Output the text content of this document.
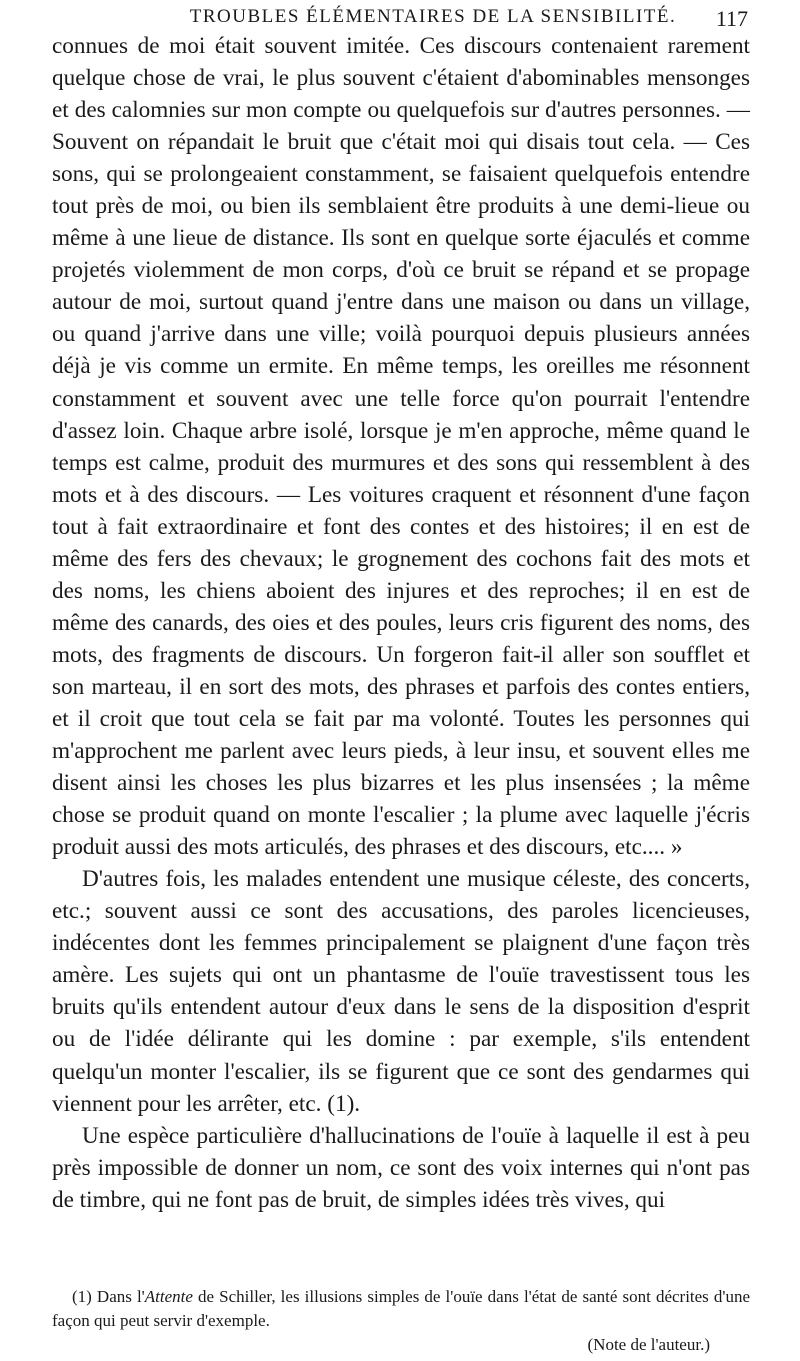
TROUBLES ÉLÉMENTAIRES DE LA SENSIBILITÉ.	117

connues de moi était souvent imitée. Ces discours contenaient rarement quelque chose de vrai, le plus souvent c'étaient d'abominables mensonges et des calomnies sur mon compte ou quelquefois sur d'autres personnes. — Souvent on répandait le bruit que c'était moi qui disais tout cela. — Ces sons, qui se prolongeaient constamment, se faisaient quelquefois entendre tout près de moi, ou bien ils semblaient être produits à une demi-lieue ou même à une lieue de distance. Ils sont en quelque sorte éjaculés et comme projetés violemment de mon corps, d'où ce bruit se répand et se propage autour de moi, surtout quand j'entre dans une maison ou dans un village, ou quand j'arrive dans une ville; voilà pourquoi depuis plusieurs années déjà je vis comme un ermite. En même temps, les oreilles me résonnent constamment et souvent avec une telle force qu'on pourrait l'entendre d'assez loin. Chaque arbre isolé, lorsque je m'en approche, même quand le temps est calme, produit des murmures et des sons qui ressemblent à des mots et à des discours. — Les voitures craquent et résonnent d'une façon tout à fait extraordinaire et font des contes et des histoires; il en est de même des fers des chevaux; le grognement des cochons fait des mots et des noms, les chiens aboient des injures et des reproches; il en est de même des canards, des oies et des poules, leurs cris figurent des noms, des mots, des fragments de discours. Un forgeron fait-il aller son soufflet et son marteau, il en sort des mots, des phrases et parfois des contes entiers, et il croit que tout cela se fait par ma volonté. Toutes les personnes qui m'approchent me parlent avec leurs pieds, à leur insu, et souvent elles me disent ainsi les choses les plus bizarres et les plus insensées ; la même chose se produit quand on monte l'escalier ; la plume avec laquelle j'écris produit aussi des mots articulés, des phrases et des discours, etc.... »

D'autres fois, les malades entendent une musique céleste, des concerts, etc.; souvent aussi ce sont des accusations, des paroles licencieuses, indécentes dont les femmes principalement se plaignent d'une façon très amère. Les sujets qui ont un phantasme de l'ouïe travestissent tous les bruits qu'ils entendent autour d'eux dans le sens de la disposition d'esprit ou de l'idée délirante qui les domine : par exemple, s'ils entendent quelqu'un monter l'escalier, ils se figurent que ce sont des gendarmes qui viennent pour les arrêter, etc. (1).

Une espèce particulière d'hallucinations de l'ouïe à laquelle il est à peu près impossible de donner un nom, ce sont des voix internes qui n'ont pas de timbre, qui ne font pas de bruit, de simples idées très vives, qui

(1) Dans l'Attente de Schiller, les illusions simples de l'ouïe dans l'état de santé sont décrites d'une façon qui peut servir d'exemple.

(Note de l'auteur.)
